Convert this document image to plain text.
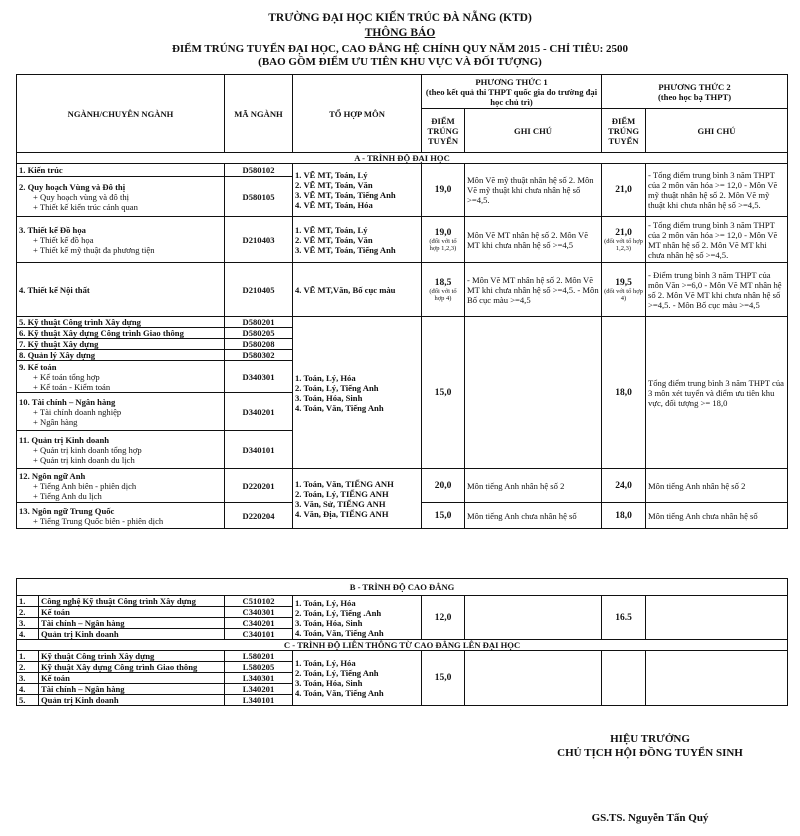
TRƯỜNG ĐẠI HỌC KIẾN TRÚC ĐÀ NẴNG (KTD)
THÔNG BÁO
ĐIỂM TRÚNG TUYỂN ĐẠI HỌC, CAO ĐẲNG HỆ CHÍNH QUY NĂM 2015 - CHỈ TIÊU: 2500
(BAO GỒM ĐIỂM ƯU TIÊN KHU VỰC VÀ ĐỐI TƯỢNG)
NGÀNH/CHUYÊN NGÀNH	MÃ NGÀNH	TỔ HỢP MÔN	PHƯƠNG THỨC 1
(theo kết quả thi THPT quốc gia do trường đại học chủ trì)		PHƯƠNG THỨC 2
(theo học bạ THPT)	
			ĐIỂM TRÚNG TUYỂN	GHI CHÚ	ĐIỂM TRÚNG TUYỂN	GHI CHÚ
A - TRÌNH ĐỘ ĐẠI HỌC						
1. Kiến trúc	D580102	1. VẼ MT, Toán, Lý
2. VẼ MT, Toán, Văn
3. VẼ MT, Toán, Tiếng Anh
4. VẼ MT, Toán, Hóa	19,0	Môn Vẽ mỹ thuật nhân hệ số 2. Môn Vẽ mỹ thuật khi chưa nhân hệ số >=4,5.	21,0	- Tổng điểm trung bình 3 năm THPT của 2 môn văn hóa >= 12,0 - Môn Vẽ mỹ thuật nhân hệ số 2. Môn Vẽ mỹ thuật khi chưa nhân hệ số >=4,5.
2. Quy hoạch Vùng và Đô thị
+ Quy hoạch vùng và đô thị
+ Thiết kế kiến trúc cảnh quan	D580105					
3. Thiết kế Đồ họa
+ Thiết kế đồ họa
+ Thiết kế mỹ thuật đa phương tiện	D210403	1. VẼ MT, Toán, Lý
2. VẼ MT, Toán, Văn
3. VẼ MT, Toán, Tiếng Anh	19,0
(đối với tổ hợp 1,2,3)	Môn Vẽ MT nhân hệ số 2. Môn Vẽ MT khi chưa nhân hệ số >=4,5	21,0
(đối với tổ hợp 1,2,3)	- Tổng điểm trung bình 3 năm THPT của 2 môn văn hóa >= 12,0 - Môn Vẽ MT nhân hệ số 2. Môn Vẽ MT khi chưa nhân hệ số >=4,5.
4. Thiết kế Nội thất	D210405	4. VẼ MT,Văn, Bố cục màu	18,5
(đối với tổ hợp 4)	- Môn Vẽ MT nhân hệ số 2. Môn Vẽ MT khi chưa nhân hệ số >=4,5. - Môn Bố cục màu >=4,5	19,5
(đối với tổ hợp 4)	- Điểm trung bình 3 năm THPT của môn Văn >=6,0 - Môn Vẽ MT nhân hệ số 2. Môn Vẽ MT khi chưa nhân hệ số >=4,5. - Môn Bố cục màu >=4,5
5. Kỹ thuật Công trình Xây dựng	D580201	1. Toán, Lý, Hóa
2. Toán, Lý, Tiếng Anh
3. Toán, Hóa, Sinh
4. Toán, Văn, Tiếng Anh	15,0		18,0	Tổng điểm trung bình 3 năm THPT của 3 môn xét tuyển và điểm ưu tiên khu vực, đối tượng >= 18,0
6. Kỹ thuật Xây dựng Công trình Giao thông	D580205					
7. Kỹ thuật Xây dựng	D580208					
8. Quản lý Xây dựng	D580302					
9. Kế toán
+ Kế toán tổng hợp
+ Kế toán - Kiểm toán	D340301					
10. Tài chính – Ngân hàng
+ Tài chính doanh nghiệp
+ Ngân hàng	D340201					
11. Quản trị Kinh doanh
+ Quản trị kinh doanh tổng hợp
+ Quản trị kinh doanh du lịch	D340101					
12. Ngôn ngữ Anh
+ Tiếng Anh biên - phiên dịch
+ Tiếng Anh du lịch	D220201	1. Toán, Văn, TIẾNG ANH
2. Toán, Lý, TIẾNG ANH
3. Văn, Sử, TIẾNG ANH
4. Văn, Địa, TIẾNG ANH	20,0	Môn tiếng Anh nhân hệ số 2	24,0	Môn tiếng Anh nhân hệ số 2
13. Ngôn ngữ Trung Quốc
+ Tiếng Trung Quốc biên - phiên dịch	D220204		15,0	Môn tiếng Anh chưa nhân hệ số	18,0	Môn tiếng Anh chưa nhân hệ số
B - TRÌNH ĐỘ CAO ĐẲNG							
1.	Công nghệ Kỹ thuật Công trình Xây dựng	C510102	1. Toán, Lý, Hóa
2. Toán, Lý, Tiếng .Anh
3. Toán, Hóa, Sinh
4. Toán, Văn, Tiếng Anh	12,0		16.5	
2.	Kế toán	C340301					
3.	Tài chính – Ngân hàng	C340201					
4.	Quản trị Kinh doanh	C340101					
C - TRÌNH ĐỘ LIÊN THÔNG TỪ CAO ĐẲNG LÊN ĐẠI HỌC							
1.	Kỹ thuật Công trình Xây dựng	L580201	1. Toán, Lý, Hóa
2. Toán, Lý, Tiếng Anh
3. Toán, Hóa, Sinh
4. Toán, Văn, Tiếng Anh	15,0			
2.	Kỹ thuật Xây dựng Công trình Giao thông	L580205					
3.	Kế toán	L340301					
4.	Tài chính – Ngân hàng	L340201					
5.	Quản trị Kinh doanh	L340101					
HIỆU TRƯỞNG
CHỦ TỊCH HỘI ĐỒNG TUYỂN SINH
GS.TS. Nguyễn Tấn Quý
